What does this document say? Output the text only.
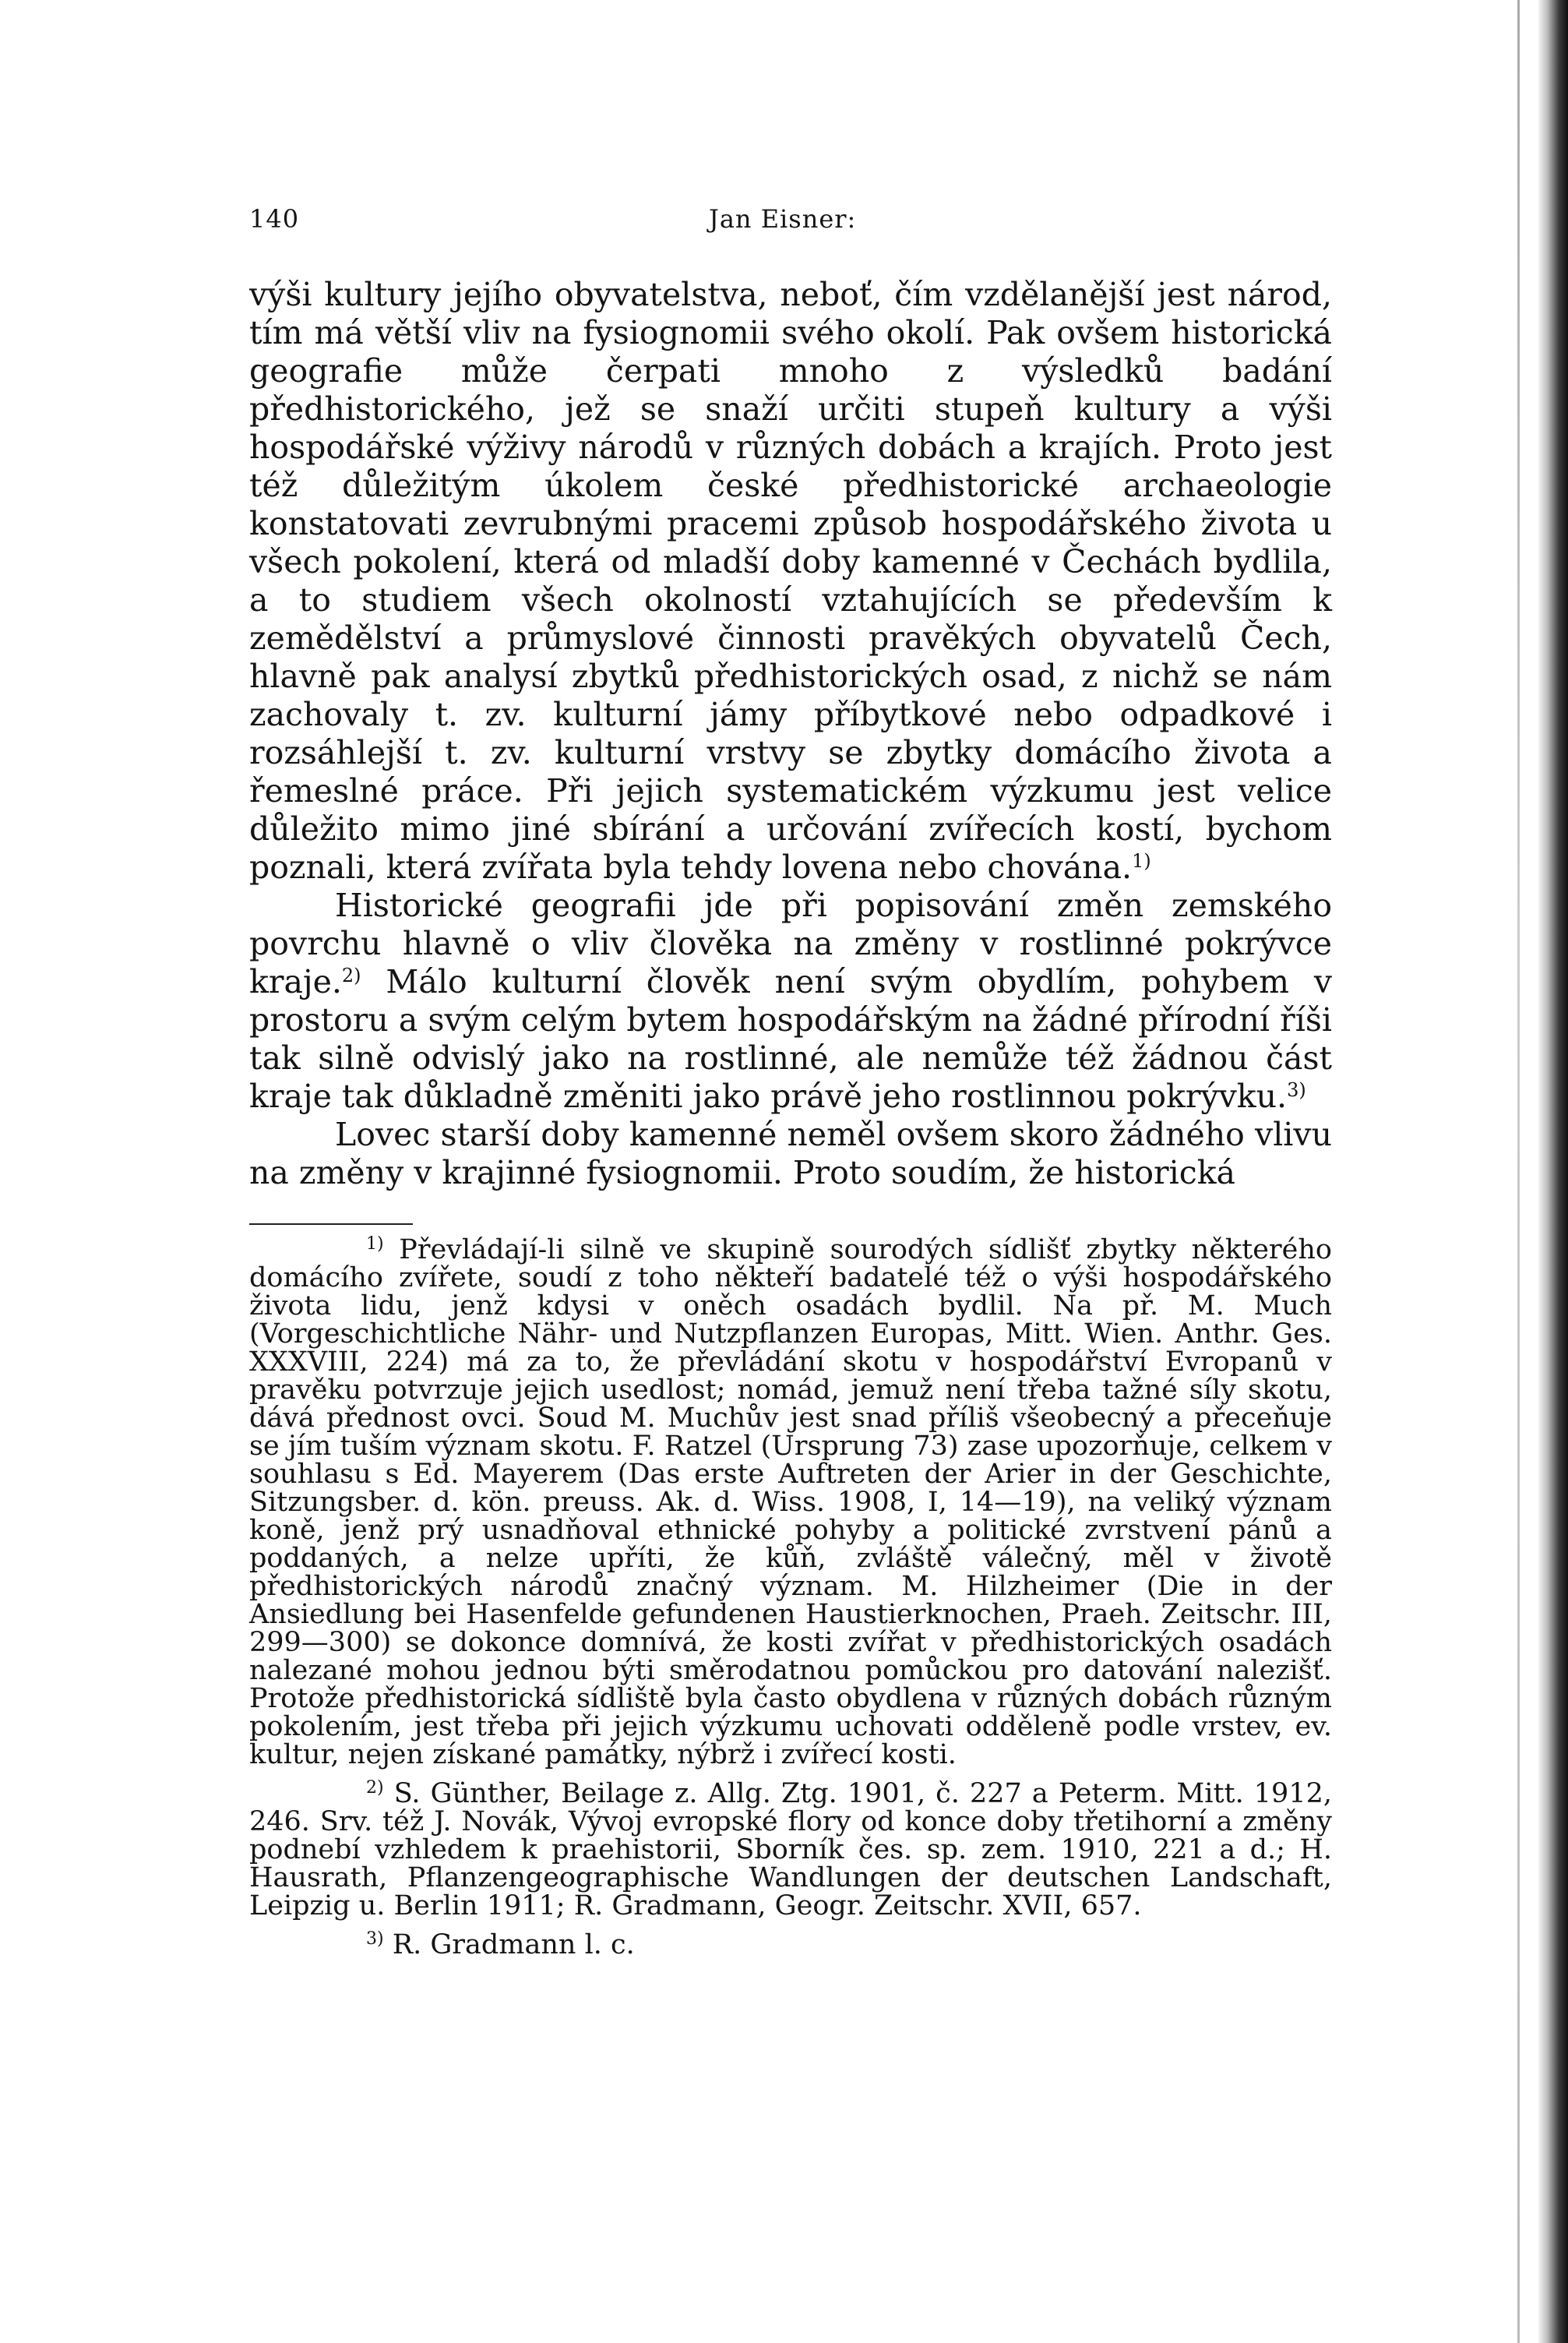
140	Jan Eisner:

výši kultury jejího obyvatelstva, neboť, čím vzdělanější jest národ, tím má větší vliv na fysiognomii svého okolí. Pak ovšem historická geografie může čerpati mnoho z výsledků badání předhistorického, jež se snaží určiti stupeň kultury a výši hospodářské výživy národů v různých dobách a krajích. Proto jest též důležitým úkolem české předhistorické archaeologie konstatovati zevrubnými pracemi způsob hospodářského života u všech pokolení, která od mladší doby kamenné v Čechách bydlila, a to studiem všech okolností vztahujících se především k zemědělství a průmyslové činnosti pravěkých obyvatelů Čech, hlavně pak analysí zbytků předhistorických osad, z nichž se nám zachovaly t. zv. kulturní jámy příbytkové nebo odpadkové i rozsáhlejší t. zv. kulturní vrstvy se zbytky domácího života a řemeslné práce. Při jejich systematickém výzkumu jest velice důležito mimo jiné sbírání a určování zvířecích kostí, bychom poznali, která zvířata byla tehdy lovena nebo chována.$^{1)}$

Historické geografii jde při popisování změn zemského povrchu hlavně o vliv člověka na změny v rostlinné pokrývce kraje.$^{2)}$ Málo kulturní člověk není svým obydlím, pohybem v prostoru a svým celým bytem hospodářským na žádné přírodní říši tak silně odvislý jako na rostlinné, ale nemůže též žádnou část kraje tak důkladně změniti jako právě jeho rostlinnou pokrývku.$^{3)}$

Lovec starší doby kamenné neměl ovšem skoro žádného vlivu na změny v krajinné fysiognomii. Proto soudím, že historická

$^{1)}$ Převládají-li silně ve skupině sourodých sídlišť zbytky některého domácího zvířete, soudí z toho někteří badatelé též o výši hospodářského života lidu, jenž kdysi v oněch osadách bydlil. Na př. M. Much (Vorgeschichtliche Nähr- und Nutzpflanzen Europas, Mitt. Wien. Anthr. Ges. XXXVIII, 224) má za to, že převládání skotu v hospodářství Evropanů v pravěku potvrzuje jejich usedlost; nomád, jemuž není třeba tažné síly skotu, dává přednost ovci. Soud M. Muchův jest snad příliš všeobecný a přeceňuje se jím tuším význam skotu. F. Ratzel (Ursprung 73) zase upozorňuje, celkem v souhlasu s Ed. Mayerem (Das erste Auftreten der Arier in der Geschichte, Sitzungsber. d. kön. preuss. Ak. d. Wiss. 1908, I, 14—19), na veliký význam koně, jenž prý usnadňoval ethnické pohyby a politické zvrstvení pánů a poddaných, a nelze upříti, že kůň, zvláště válečný, měl v životě předhistorických národů značný význam. M. Hilzheimer (Die in der Ansiedlung bei Hasenfelde gefundenen Haustierknochen, Praeh. Zeitschr. III, 299—300) se dokonce domnívá, že kosti zvířat v předhistorických osadách nalezané mohou jednou býti směrodatnou pomůckou pro datování nalezišť. Protože předhistorická sídliště byla často obydlena v různých dobách různým pokolením, jest třeba při jejich výzkumu uchovati odděleně podle vrstev, ev. kultur, nejen získané památky, nýbrž i zvířecí kosti.

$^{2)}$ S. Günther, Beilage z. Allg. Ztg. 1901, č. 227 a Peterm. Mitt. 1912, 246. Srv. též J. Novák, Vývoj evropské flory od konce doby třetihorní a změny podnebí vzhledem k praehistorii, Sborník čes. sp. zem. 1910, 221 a d.; H. Hausrath, Pflanzengeographische Wandlungen der deutschen Landschaft, Leipzig u. Berlin 1911; R. Gradmann, Geogr. Zeitschr. XVII, 657.

$^{3)}$ R. Gradmann l. c.
